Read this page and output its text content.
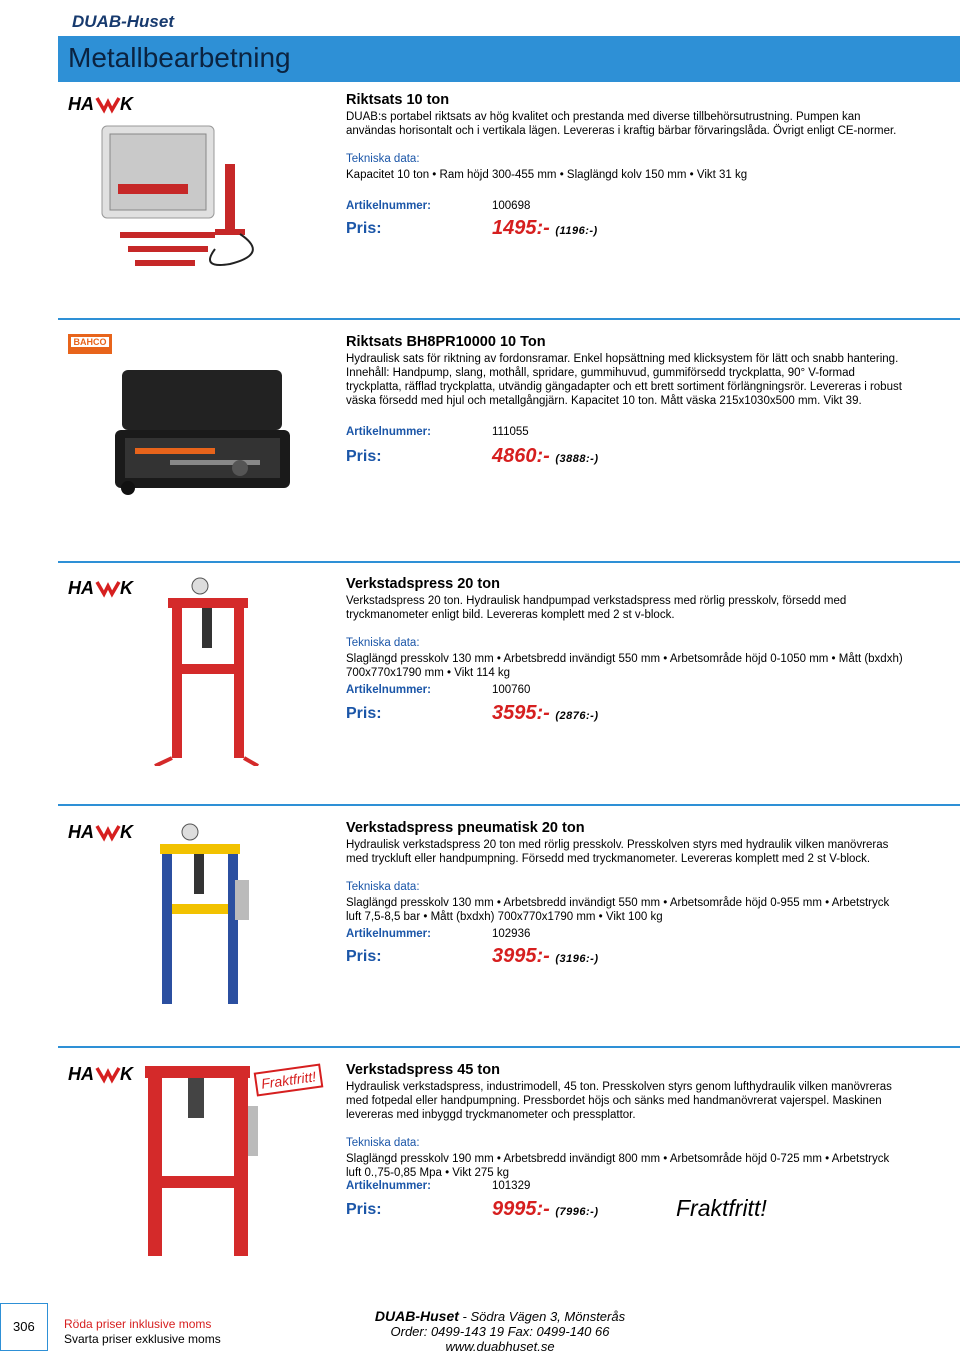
DUAB-Huset
Metallbearbetning
HA K	Riktsats 10 ton
DUAB:s portabel riktsats av hög kvalitet och prestanda med diverse tillbehörsutrustning. Pumpen kan användas horisontalt och i vertikala lägen. Levereras i kraftig bärbar förvaringslåda. Övrigt enligt CE-normer.
Tekniska data:
Kapacitet 10 ton • Ram höjd 300-455 mm • Slaglängd kolv 150 mm • Vikt 31 kg
Artikelnummer:	100698
Pris:	1495:- (1196:-)
BAHCO	Riktsats BH8PR10000 10 Ton
Hydraulisk sats för riktning av fordonsramar. Enkel hopsättning med klicksystem för lätt och snabb hantering. Innehåll: Handpump, slang, mothåll, spridare, gummihuvud, gummiförsedd tryckplatta, 90° V-formad tryckplatta, räfflad tryckplatta, utvändig gängadapter och ett brett sortiment förlängningsrör. Levereras i robust väska försedd med hjul och metallgångjärn. Kapacitet 10 ton. Mått väska 215x1030x500 mm. Vikt 39.
Artikelnummer:	111055
Pris:	4860:- (3888:-)
HA K	Verkstadspress 20 ton
Verkstadspress 20 ton. Hydraulisk handpumpad verkstadspress med rörlig presskolv, försedd med tryckmanometer enligt bild. Levereras komplett med 2 st v-block.
Tekniska data:
Slaglängd presskolv 130 mm • Arbetsbredd invändigt 550 mm • Arbetsområde höjd 0-1050 mm • Mått (bxdxh) 700x770x1790 mm • Vikt 114 kg
Artikelnummer:	100760
Pris:	3595:- (2876:-)
HA K	Verkstadspress pneumatisk 20 ton
Hydraulisk verkstadspress 20 ton med rörlig presskolv. Presskolven styrs med hydraulik vilken manövreras med tryckluft eller handpumpning. Försedd med tryckmanometer. Levereras komplett med 2 st V-block.
Tekniska data:
Slaglängd presskolv 130 mm • Arbetsbredd invändigt 550 mm • Arbetsområde höjd 0-955 mm • Arbetstryck luft 7,5-8,5 bar • Mått (bxdxh) 700x770x1790 mm • Vikt 100 kg
Artikelnummer:	102936
Pris:	3995:- (3196:-)
HA K	Fraktfritt!	Verkstadspress 45 ton
Hydraulisk verkstadspress, industrimodell, 45 ton. Presskolven styrs genom lufthydraulik vilken manövreras med fotpedal eller handpumpning. Pressbordet höjs och sänks med handmanövrerat vajerspel. Maskinen levereras med inbyggd tryckmanometer och pressplattor.
Tekniska data:
Slaglängd presskolv 190 mm • Arbetsbredd invändigt 800 mm • Arbetsområde höjd 0-725 mm • Arbetstryck luft 0.,75-0,85 Mpa • Vikt 275 kg
Artikelnummer:	101329
Pris:	9995:- (7996:-)	Fraktfritt!
306 Röda priser inklusive moms
Svarta priser exklusive moms
DUAB-Huset - Södra Vägen 3, Mönsterås
Order: 0499-143 19 Fax: 0499-140 66
www.duabhuset.se
